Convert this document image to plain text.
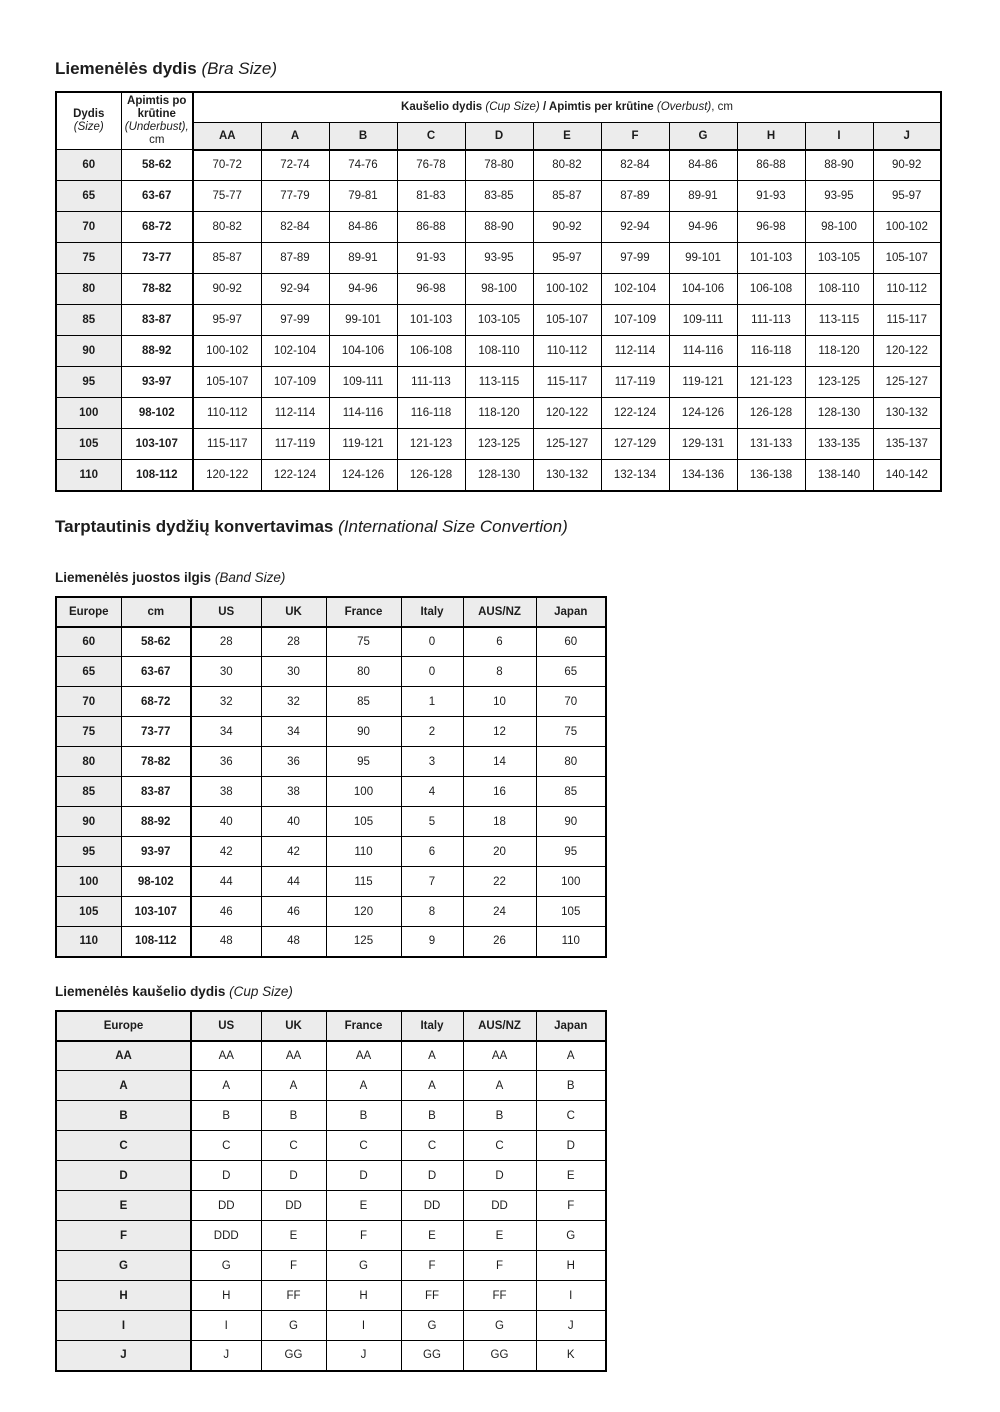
Liemenėlės dydis (Bra Size)
Dydis
(Size)	Apimtis po krūtine
(Underbust),
cm	Kaušelio dydis (Cup Size) / Apimtis per krūtine (Overbust), cm										
		AA	A	B	C	D	E	F	G	H	I	J
60	58-62	70-72	72-74	74-76	76-78	78-80	80-82	82-84	84-86	86-88	88-90	90-92
65	63-67	75-77	77-79	79-81	81-83	83-85	85-87	87-89	89-91	91-93	93-95	95-97
70	68-72	80-82	82-84	84-86	86-88	88-90	90-92	92-94	94-96	96-98	98-100	100-102
75	73-77	85-87	87-89	89-91	91-93	93-95	95-97	97-99	99-101	101-103	103-105	105-107
80	78-82	90-92	92-94	94-96	96-98	98-100	100-102	102-104	104-106	106-108	108-110	110-112
85	83-87	95-97	97-99	99-101	101-103	103-105	105-107	107-109	109-111	111-113	113-115	115-117
90	88-92	100-102	102-104	104-106	106-108	108-110	110-112	112-114	114-116	116-118	118-120	120-122
95	93-97	105-107	107-109	109-111	111-113	113-115	115-117	117-119	119-121	121-123	123-125	125-127
100	98-102	110-112	112-114	114-116	116-118	118-120	120-122	122-124	124-126	126-128	128-130	130-132
105	103-107	115-117	117-119	119-121	121-123	123-125	125-127	127-129	129-131	131-133	133-135	135-137
110	108-112	120-122	122-124	124-126	126-128	128-130	130-132	132-134	134-136	136-138	138-140	140-142
Tarptautinis dydžių konvertavimas (International Size Convertion)
Liemenėlės juostos ilgis (Band Size)
Europe	cm	US	UK	France	Italy	AUS/NZ	Japan
60	58-62	28	28	75	0	6	60
65	63-67	30	30	80	0	8	65
70	68-72	32	32	85	1	10	70
75	73-77	34	34	90	2	12	75
80	78-82	36	36	95	3	14	80
85	83-87	38	38	100	4	16	85
90	88-92	40	40	105	5	18	90
95	93-97	42	42	110	6	20	95
100	98-102	44	44	115	7	22	100
105	103-107	46	46	120	8	24	105
110	108-112	48	48	125	9	26	110
Liemenėlės kaušelio dydis (Cup Size)
Europe	US	UK	France	Italy	AUS/NZ	Japan
AA	AA	AA	AA	A	AA	A
A	A	A	A	A	A	B
B	B	B	B	B	B	C
C	C	C	C	C	C	D
D	D	D	D	D	D	E
E	DD	DD	E	DD	DD	F
F	DDD	E	F	E	E	G
G	G	F	G	F	F	H
H	H	FF	H	FF	FF	I
I	I	G	I	G	G	J
J	J	GG	J	GG	GG	K
